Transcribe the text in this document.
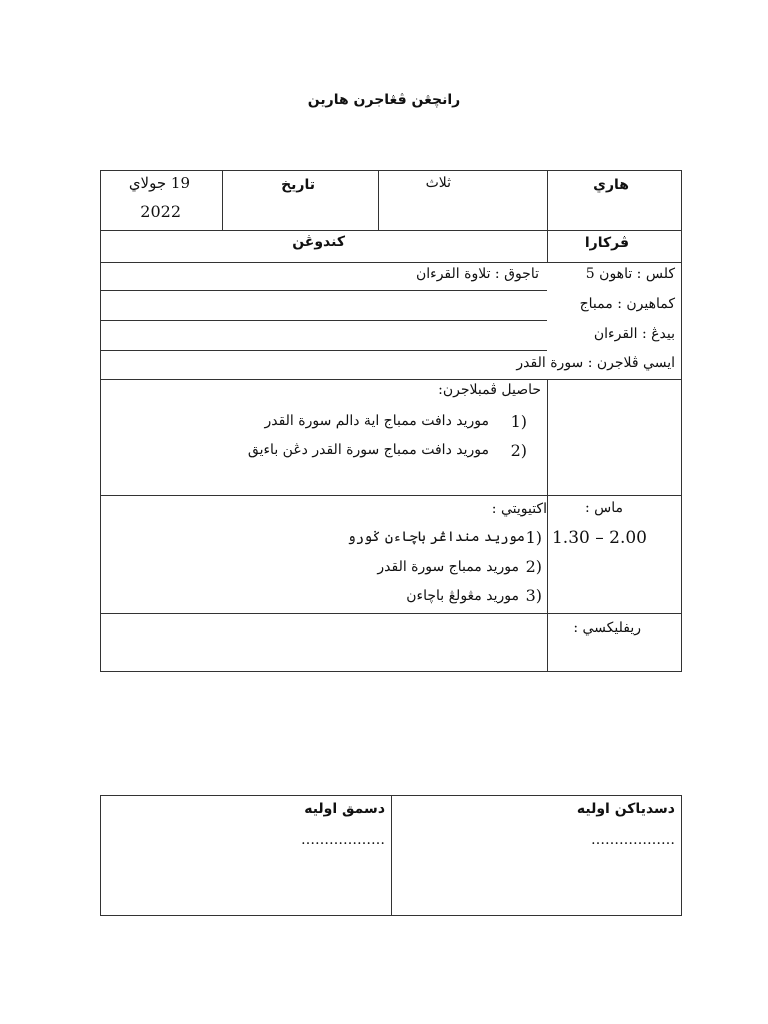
رانچڠن ڤڠاجرن هارين
هاري
ثلاث
تاريخ
19 جولاي
2022
ڤركارا
كندوڠن
كلس : تاهون 5
تاجوق : تلاوة القرءان
كماهيرن : ممباج
بيدڠ : القرءان
ايسي ڤلاجرن : سورة القدر
حاصيل ڤمبلاجرن:
1)
موريد دافت ممباج اية دالم سورة القدر
2)
موريد دافت ممباج سورة القدر دڠن باءيق
ماس :
1.30 – 2.00
اكتيويتي :
1)
موريد منداڠر باچاءن ݢورو
2)
موريد ممباج سورة القدر
3)
موريد مڠولڠ باچاءن
ريفليكسي :
دسدياكن اوليه
………………
دسمق اوليه
………………
